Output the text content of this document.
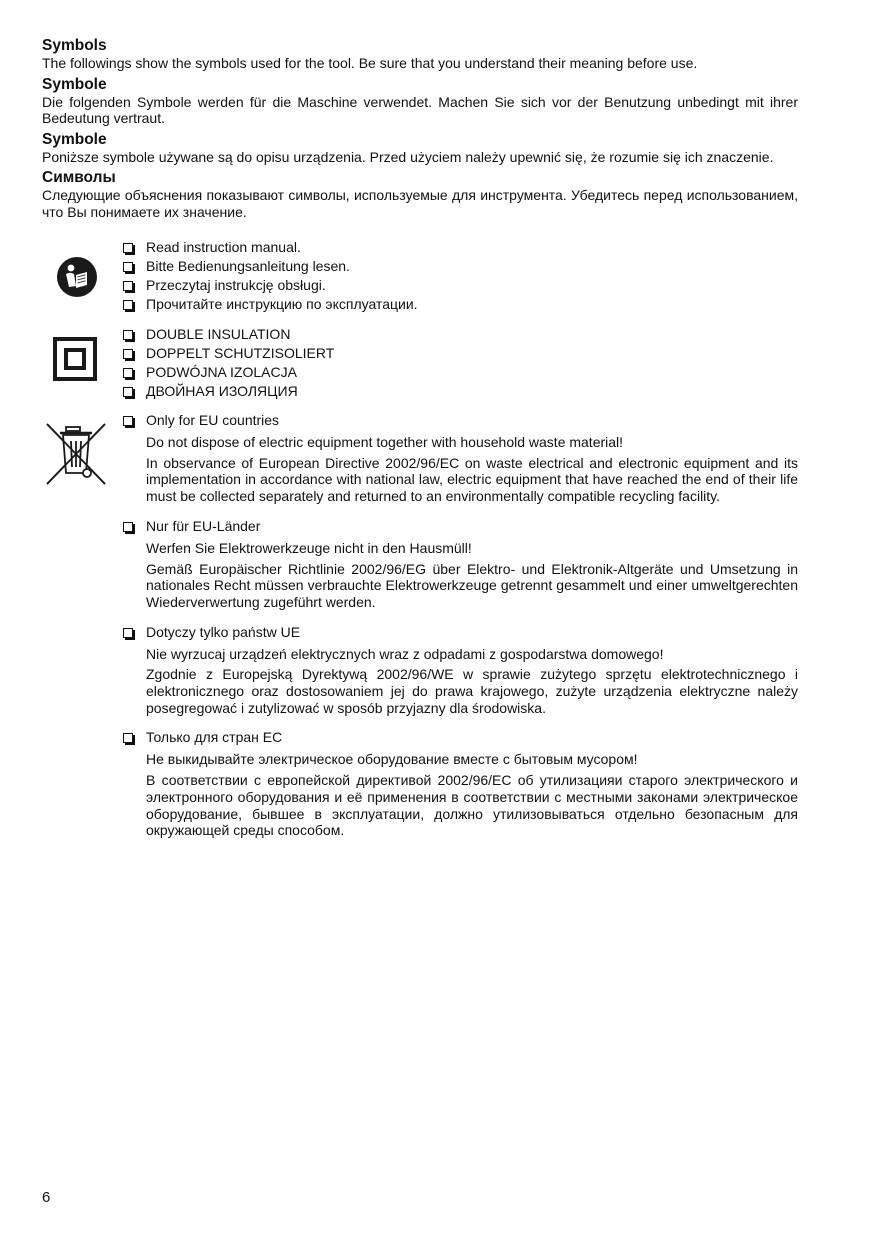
Symbols

The followings show the symbols used for the tool. Be sure that you understand their meaning before use.

Symbole

Die folgenden Symbole werden für die Maschine verwendet. Machen Sie sich vor der Benutzung unbedingt mit ihrer Bedeutung vertraut.

Symbole

Poniższe symbole używane są do opisu urządzenia. Przed użyciem należy upewnić się, że rozumie się ich znaczenie.

Символы

Следующие объяснения показывают символы, используемые для инструмента. Убедитесь перед использованием, что Вы понимаете их значение.

Read instruction manual.
Bitte Bedienungsanleitung lesen.
Przeczytaj instrukcję obsługi.
Прочитайте инструкцию по эксплуатации.
DOUBLE INSULATION
DOPPELT SCHUTZISOLIERT
PODWÓJNA IZOLACJA
ДВОЙНАЯ ИЗОЛЯЦИЯ
Only for EU countries

Do not dispose of electric equipment together with household waste material!

In observance of European Directive 2002/96/EC on waste electrical and electronic equipment and its implementation in accordance with national law, electric equipment that have reached the end of their life must be collected separately and returned to an environmentally compatible recycling facility.

Nur für EU-Länder

Werfen Sie Elektrowerkzeuge nicht in den Hausmüll!

Gemäß Europäischer Richtlinie 2002/96/EG über Elektro- und Elektronik-Altgeräte und Umsetzung in nationales Recht müssen verbrauchte Elektrowerkzeuge getrennt gesammelt und einer umweltgerechten Wiederverwertung zugeführt werden.

Dotyczy tylko państw UE

Nie wyrzucaj urządzeń elektrycznych wraz z odpadami z gospodarstwa domowego!

Zgodnie z Europejską Dyrektywą 2002/96/WE w sprawie zużytego sprzętu elektrotechnicznego i elektronicznego oraz dostosowaniem jej do prawa krajowego, zużyte urządzenia elektryczne należy posegregować i zutylizować w sposób przyjazny dla środowiska.

Только для стран ЕС

Не выкидывайте электрическое оборудование вместе с бытовым мусором!

В соответствии с европейской директивой 2002/96/ЕС об утилизацияи старого электрического и электронного оборудования и её применения в соответствии с местными законами электрическое оборудование, бывшее в эксплуатации, должно утилизовываться отдельно безопасным для окружающей среды способом.

6
